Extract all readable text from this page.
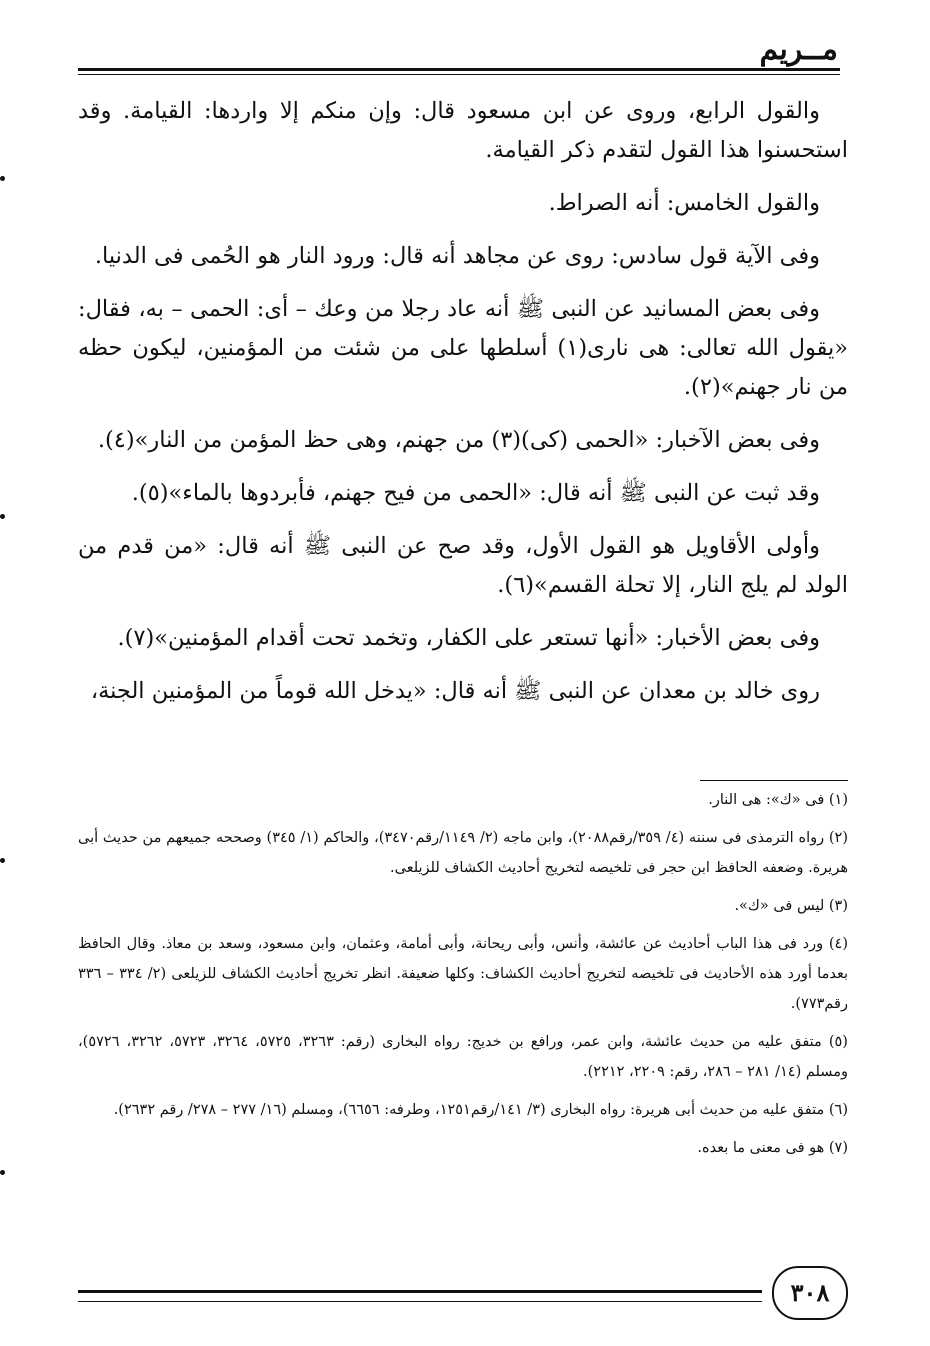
مــريم

والقول الرابع، وروى عن ابن مسعود قال: وإن منكم إلا واردها: القيامة. وقد استحسنوا هذا القول لتقدم ذكر القيامة.

والقول الخامس: أنه الصراط.

وفى الآية قول سادس: روى عن مجاهد أنه قال: ورود النار هو الحُمى فى الدنيا.

وفى بعض المسانيد عن النبى ﷺ أنه عاد رجلا من وعك – أى: الحمى – به، فقال: «يقول الله تعالى: هى نارى(١) أسلطها على من شئت من المؤمنين، ليكون حظه من نار جهنم»(٢).

وفى بعض الآخبار: «الحمى (كى)(٣) من جهنم، وهى حظ المؤمن من النار»(٤).

وقد ثبت عن النبى ﷺ أنه قال: «الحمى من فيح جهنم، فأبردوها بالماء»(٥).

وأولى الأقاويل هو القول الأول، وقد صح عن النبى ﷺ أنه قال: «من قدم من الولد لم يلج النار، إلا تحلة القسم»(٦).

وفى بعض الأخبار: «أنها تستعر على الكفار، وتخمد تحت أقدام المؤمنين»(٧).

روى خالد بن معدان عن النبى ﷺ أنه قال: «يدخل الله قوماً من المؤمنين الجنة،

(١) فى «ك»: هى النار.

(٢) رواه الترمذى فى سننه (٤/ ٣٥٩/رقم٢٠٨٨)، وابن ماجه (٢/ ١١٤٩/رقم٣٤٧٠)، والحاكم (١/ ٣٤٥) وصححه جميعهم من حديث أبى هريرة. وضعفه الحافظ ابن حجر فى تلخيصه لتخريج أحاديث الكشاف للزيلعى.

(٣) ليس فى «ك».

(٤) ورد فى هذا الباب أحاديث عن عائشة، وأنس، وأبى ريحانة، وأبى أمامة، وعثمان، وابن مسعود، وسعد بن معاذ. وقال الحافظ بعدما أورد هذه الأحاديث فى تلخيصه لتخريج أحاديث الكشاف: وكلها ضعيفة. انظر تخريج أحاديث الكشاف للزيلعى (٢/ ٣٣٤ – ٣٣٦ رقم٧٧٣).

(٥) متفق عليه من حديث عائشة، وابن عمر، ورافع بن خديج: رواه البخارى (رقم: ٣٢٦٣، ٥٧٢٥، ٣٢٦٤، ٥٧٢٣، ٣٢٦٢، ٥٧٢٦)، ومسلم (١٤/ ٢٨١ – ٢٨٦، رقم: ٢٢٠٩، ٢٢١٢).

(٦) متفق عليه من حديث أبى هريرة: رواه البخارى (٣/ ١٤١/رقم١٢٥١، وطرفه: ٦٦٥٦)، ومسلم (١٦/ ٢٧٧ – ٢٧٨/ رقم ٢٦٣٢).

(٧) هو فى معنى ما بعده.

٣٠٨
